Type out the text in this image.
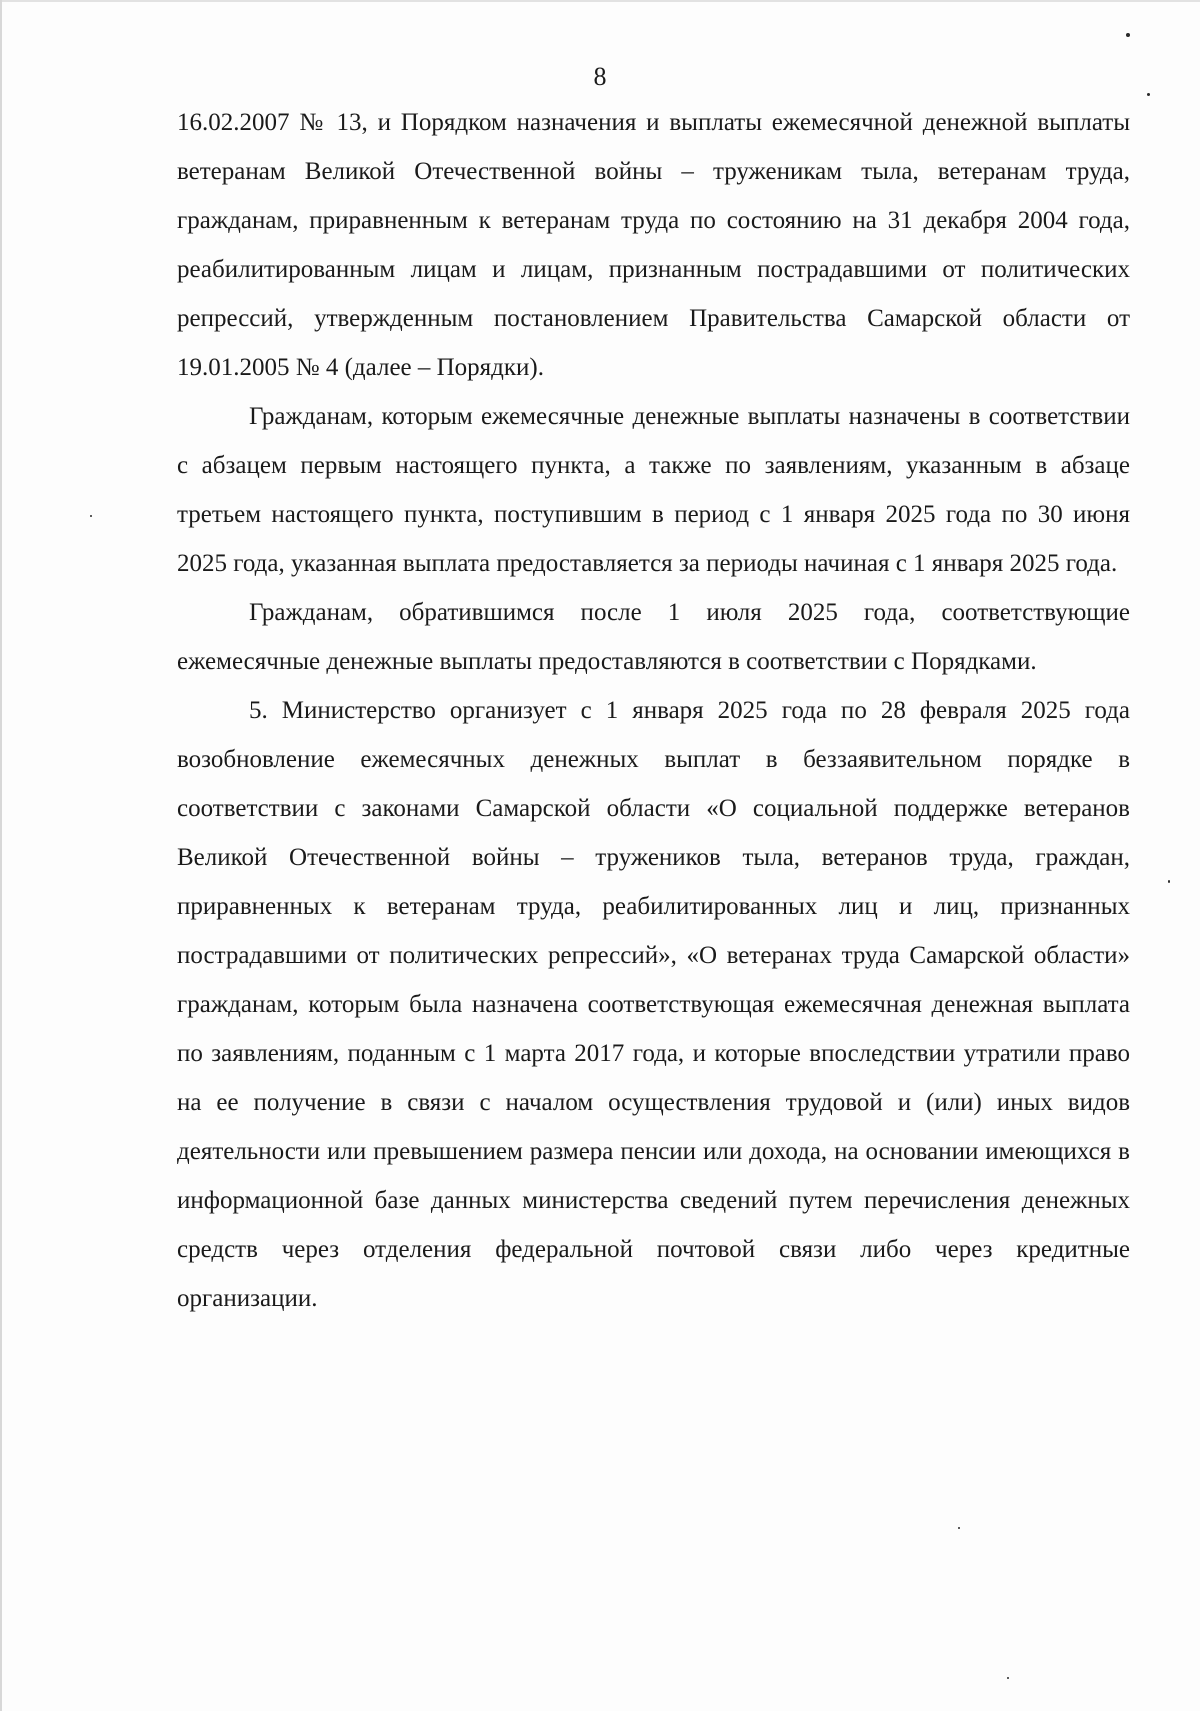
8

16.02.2007 № 13, и Порядком назначения и выплаты ежемесячной денежной выплаты ветеранам Великой Отечественной войны – труженикам тыла, ветеранам труда, гражданам, приравненным к ветеранам труда по состоянию на 31 декабря 2004 года, реабилитированным лицам и лицам, признанным пострадавшими от политических репрессий, утвержденным постановлением Правительства Самарской области от 19.01.2005 № 4 (далее – Порядки).

Гражданам, которым ежемесячные денежные выплаты назначены в соответствии с абзацем первым настоящего пункта, а также по заявлениям, указанным в абзаце третьем настоящего пункта, поступившим в период с 1 января 2025 года по 30 июня 2025 года, указанная выплата предоставляется за периоды начиная с 1 января 2025 года.

Гражданам, обратившимся после 1 июля 2025 года, соответствующие ежемесячные денежные выплаты предоставляются в соответствии с Порядками.

5. Министерство организует с 1 января 2025 года по 28 февраля 2025 года возобновление ежемесячных денежных выплат в беззаявительном порядке в соответствии с законами Самарской области «О социальной поддержке ветеранов Великой Отечественной войны – тружеников тыла, ветеранов труда, граждан, приравненных к ветеранам труда, реабилитированных лиц и лиц, признанных пострадавшими от политических репрессий», «О ветеранах труда Самарской области» гражданам, которым была назначена соответствующая ежемесячная денежная выплата по заявлениям, поданным с 1 марта 2017 года, и которые впоследствии утратили право на ее получение в связи с началом осуществления трудовой и (или) иных видов деятельности или превышением размера пенсии или дохода, на основании имеющихся в информационной базе данных министерства сведений путем перечисления денежных средств через отделения федеральной почтовой связи либо через кредитные организации.
